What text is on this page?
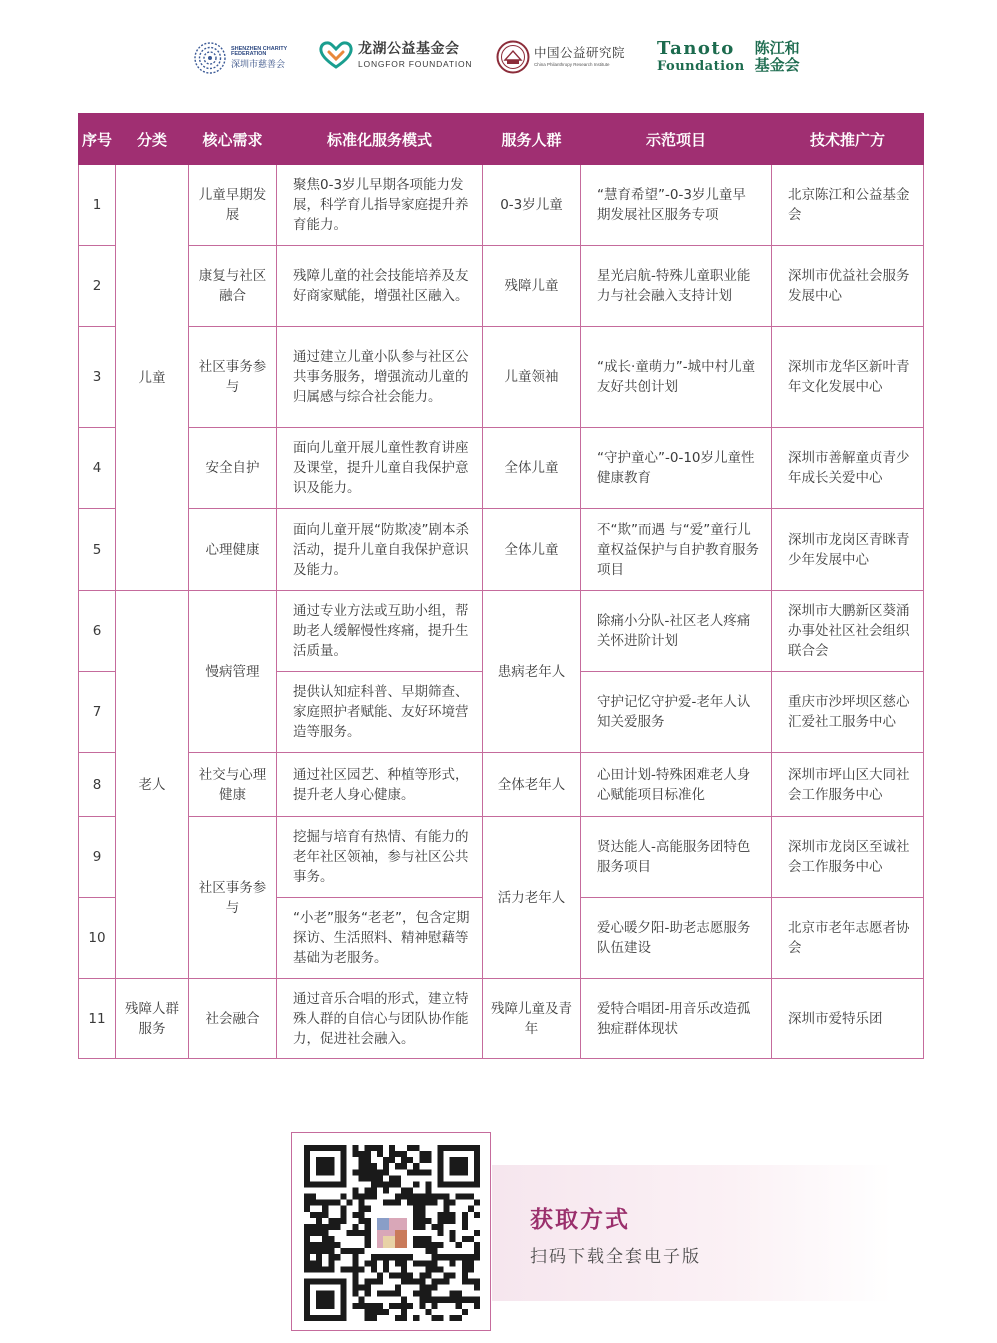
SHENZHEN CHARITY FEDERATION
深圳市慈善会
龙湖公益基金会
LONGFOR FOUNDATION
中国公益研究院
China Philanthropy Research Institute
Tanoto
Foundation
陈江和基金会
序号	分类	核心需求	标准化服务模式	服务人群	示范项目	技术推广方
1	儿童	儿童早期发展	聚焦0-3岁儿早期各项能力发展，科学育儿指导家庭提升养育能力。	0-3岁儿童	“慧育希望”-0-3岁儿童早期发展社区服务专项	北京陈江和公益基金会
2		康复与社区融合	残障儿童的社会技能培养及友好商家赋能，增强社区融入。	残障儿童	星光启航-特殊儿童职业能力与社会融入支持计划	深圳市优益社会服务发展中心
3		社区事务参与	通过建立儿童小队参与社区公共事务服务，增强流动儿童的归属感与综合社会能力。	儿童领袖	“成长·童萌力”-城中村儿童友好共创计划	深圳市龙华区新叶青年文化发展中心
4		安全自护	面向儿童开展儿童性教育讲座及课堂，提升儿童自我保护意识及能力。	全体儿童	“守护童心”-0-10岁儿童性健康教育	深圳市善解童贞青少年成长关爱中心
5		心理健康	面向儿童开展“防欺凌”剧本杀活动，提升儿童自我保护意识及能力。	全体儿童	不“欺”而遇 与“爱”童行儿童权益保护与自护教育服务项目	深圳市龙岗区青眯青少年发展中心
6	老人	慢病管理	通过专业方法或互助小组，帮助老人缓解慢性疼痛，提升生活质量。	患病老年人	除痛小分队-社区老人疼痛关怀进阶计划	深圳市大鹏新区葵涌办事处社区社会组织联合会
7			提供认知症科普、早期筛查、家庭照护者赋能、友好环境营造等服务。		守护记忆守护爱-老年人认知关爱服务	重庆市沙坪坝区慈心汇爱社工服务中心
8		社交与心理健康	通过社区园艺、种植等形式，提升老人身心健康。	全体老年人	心田计划-特殊困难老人身心赋能项目标准化	深圳市坪山区大同社会工作服务中心
9		社区事务参与	挖掘与培育有热情、有能力的老年社区领袖，参与社区公共事务。	活力老年人	贤达能人-高能服务团特色服务项目	深圳市龙岗区至诚社会工作服务中心
10			“小老”服务“老老”，包含定期探访、生活照料、精神慰藉等基础为老服务。		爱心暖夕阳-助老志愿服务队伍建设	北京市老年志愿者协会
11	残障人群服务	社会融合	通过音乐合唱的形式，建立特殊人群的自信心与团队协作能力，促进社会融入。	残障儿童及青年	爱特合唱团-用音乐改造孤独症群体现状	深圳市爱特乐团
获取方式
扫码下载全套电子版
